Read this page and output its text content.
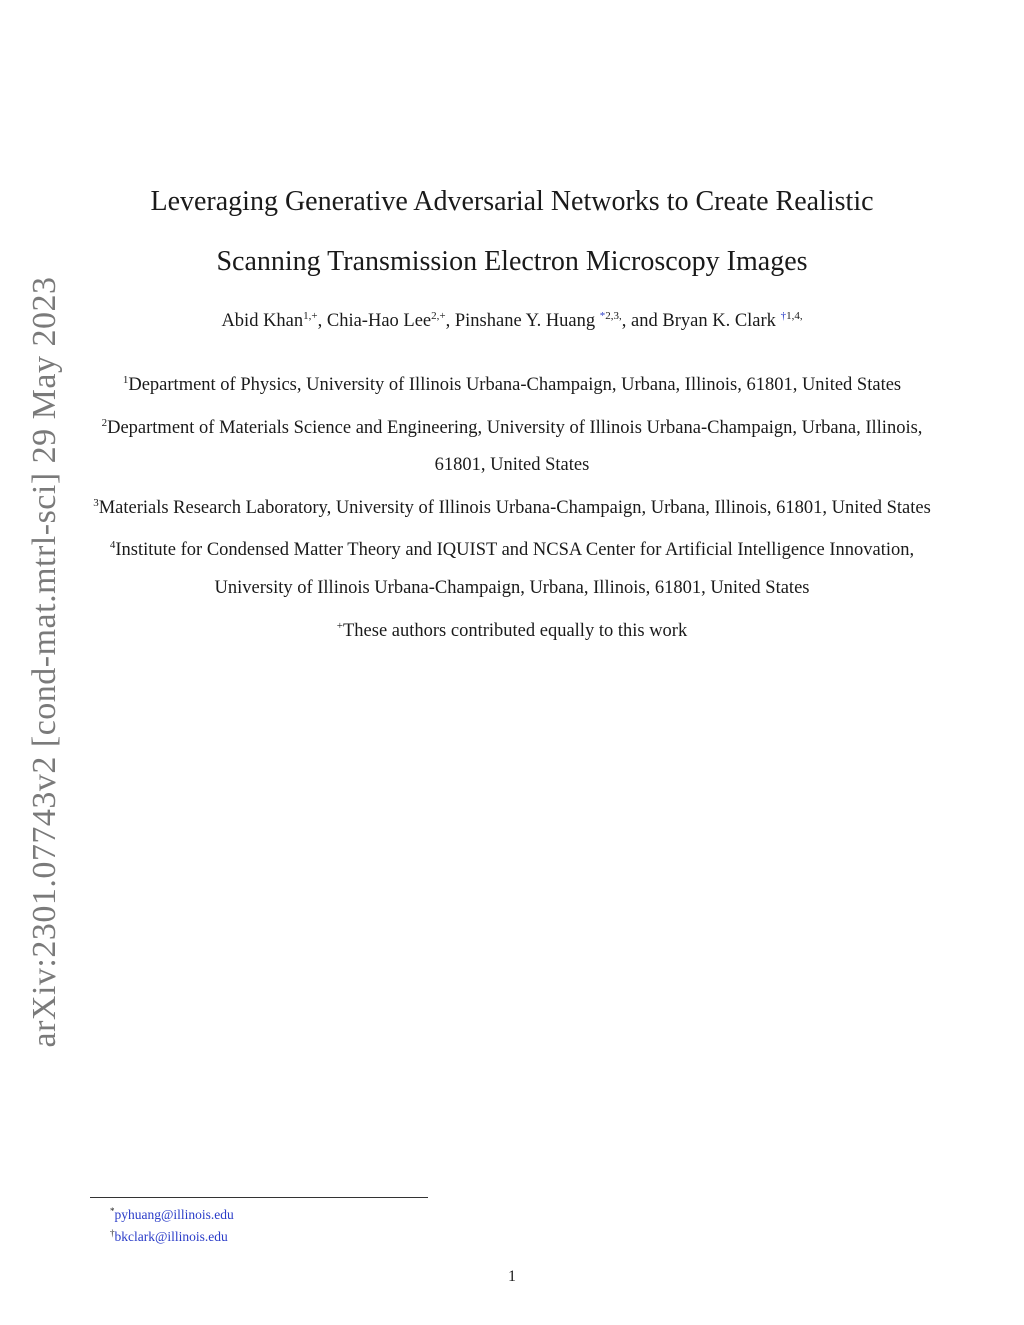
arXiv:2301.07743v2 [cond-mat.mtrl-sci] 29 May 2023

Leveraging Generative Adversarial Networks to Create Realistic

Scanning Transmission Electron Microscopy Images

Abid Khan$^{1,+}$, Chia-Hao Lee$^{2,+}$, Pinshane Y. Huang $^{*2,3,}$, and Bryan K. Clark $^{\dagger 1,4,}$

$^1$Department of Physics, University of Illinois Urbana-Champaign, Urbana, Illinois, 61801, United States

$^2$Department of Materials Science and Engineering, University of Illinois Urbana-Champaign, Urbana, Illinois, 61801, United States

$^3$Materials Research Laboratory, University of Illinois Urbana-Champaign, Urbana, Illinois, 61801, United States

$^4$Institute for Condensed Matter Theory and IQUIST and NCSA Center for Artificial Intelligence Innovation, University of Illinois Urbana-Champaign, Urbana, Illinois, 61801, United States

+These authors contributed equally to this work

*pyhuang@illinois.edu

†bkclark@illinois.edu

1
